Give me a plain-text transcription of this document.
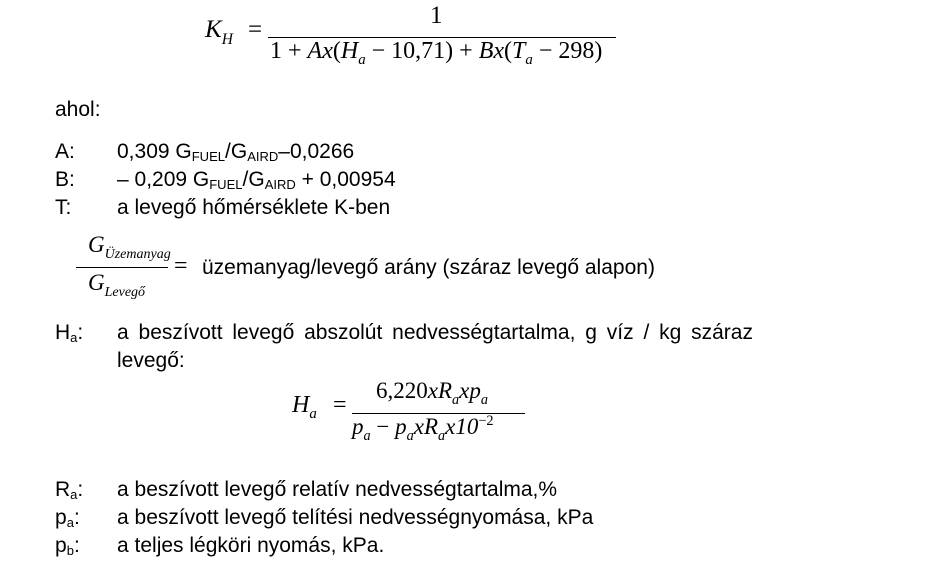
$K_H$ =
1
$1 + Ax(H_a - 10,71) + Bx(T_a - 298)$
ahol:
A: 0,309 GFUEL/GAIRD–0,0266
B: – 0,209 GFUEL/GAIRD + 0,00954
T: a levegő hőmérséklete K-ben
$G_{Üzemanyag}$
$G_{Levegő}$
= üzemanyag/levegő arány (száraz levegő alapon)
Ha: a beszívott levegő abszolút nedvességtartalma, g víz / kg száraz
levegő:
$H_a$ =
$6,220xR_axp_a$
$p_a - p_axR_ax10^{-2}$
Ra: a beszívott levegő relatív nedvességtartalma,%
pa: a beszívott levegő telítési nedvességnyomása, kPa
pb: a teljes légköri nyomás, kPa.
